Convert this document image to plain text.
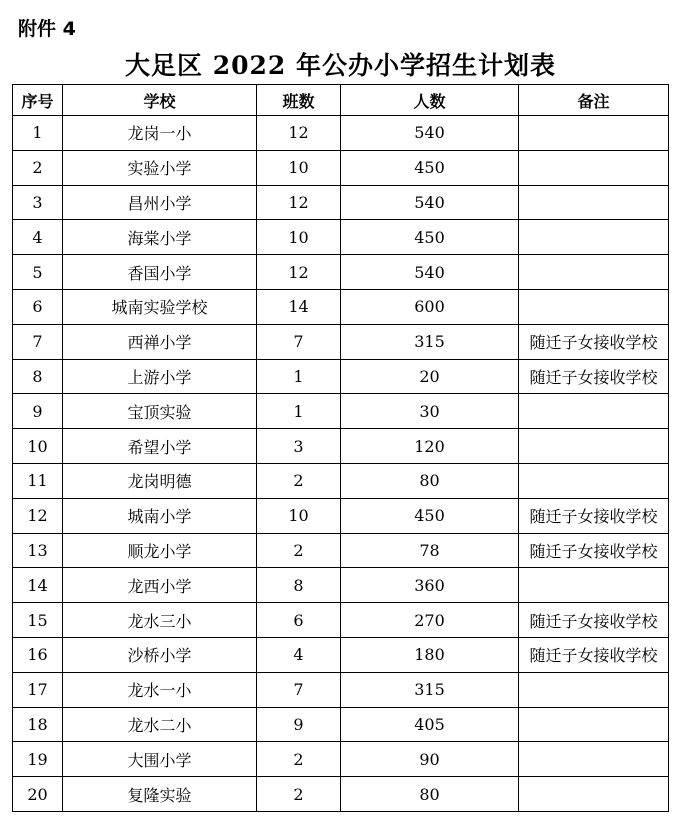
附件 4
大足区 2022 年公办小学招生计划表
序号	学校	班数	人数	备注
1	龙岗一小	12	540	
2	实验小学	10	450	
3	昌州小学	12	540	
4	海棠小学	10	450	
5	香国小学	12	540	
6	城南实验学校	14	600	
7	西禅小学	7	315	随迁子女接收学校
8	上游小学	1	20	随迁子女接收学校
9	宝顶实验	1	30	
10	希望小学	3	120	
11	龙岗明德	2	80	
12	城南小学	10	450	随迁子女接收学校
13	顺龙小学	2	78	随迁子女接收学校
14	龙西小学	8	360	
15	龙水三小	6	270	随迁子女接收学校
16	沙桥小学	4	180	随迁子女接收学校
17	龙水一小	7	315	
18	龙水二小	9	405	
19	大围小学	2	90	
20	复隆实验	2	80	
